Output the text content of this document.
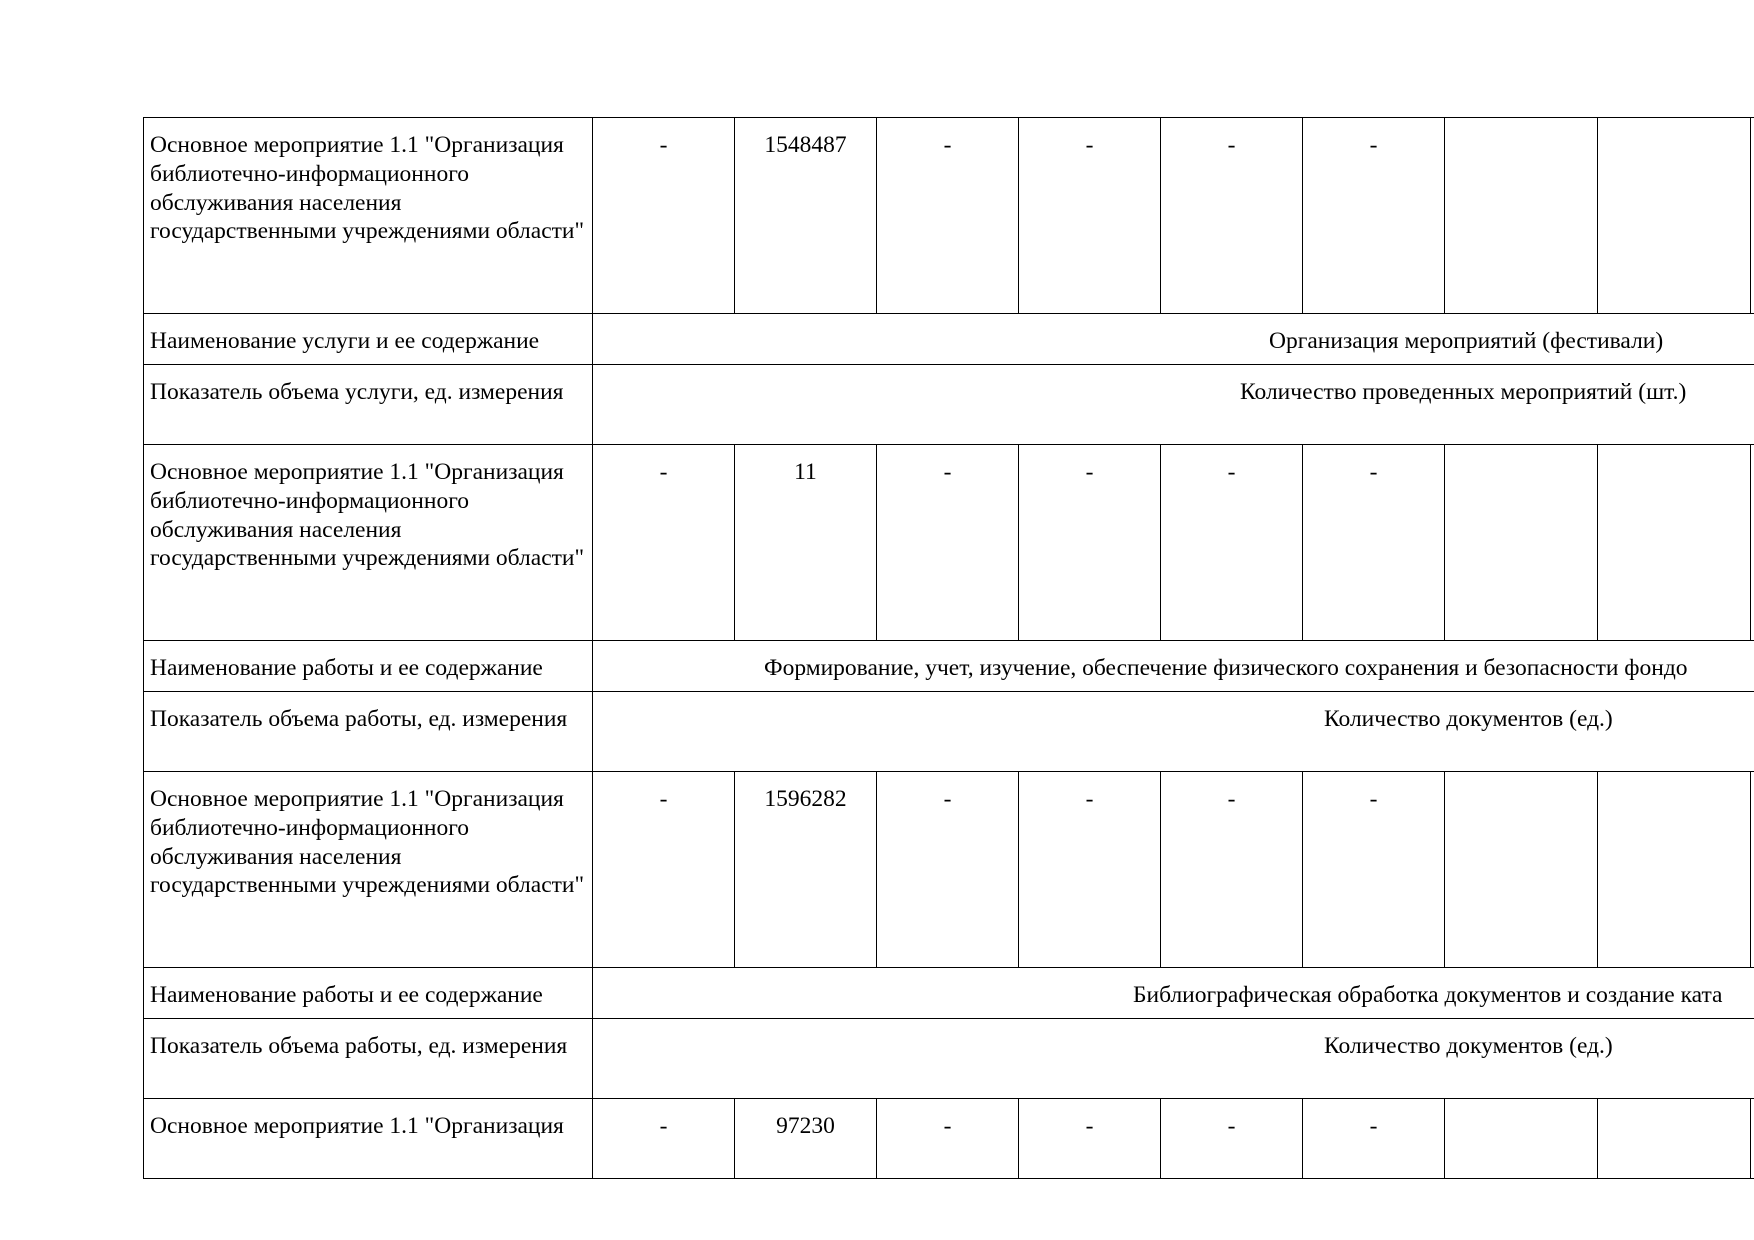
Основное мероприятие 1.1 "Организация библиотечно-информационного обслуживания населения государственными учреждениями области"	-	1548487	-	-	-	-			
Наименование услуги и ее содержание	Организация мероприятий (фестивали)								
Показатель объема услуги, ед. измерения	Количество проведенных мероприятий (шт.)								
Основное мероприятие 1.1 "Организация библиотечно-информационного обслуживания населения государственными учреждениями области"	-	11	-	-	-	-			
Наименование работы и ее содержание	Формирование, учет, изучение, обеспечение физического сохранения и безопасности фондо								
Показатель объема работы, ед. измерения	Количество документов (ед.)								
Основное мероприятие 1.1 "Организация библиотечно-информационного обслуживания населения государственными учреждениями области"	-	1596282	-	-	-	-			
Наименование работы и ее содержание	Библиографическая обработка документов и создание ката								
Показатель объема работы, ед. измерения	Количество документов (ед.)								
Основное мероприятие 1.1 "Организация	-	97230	-	-	-	-			
